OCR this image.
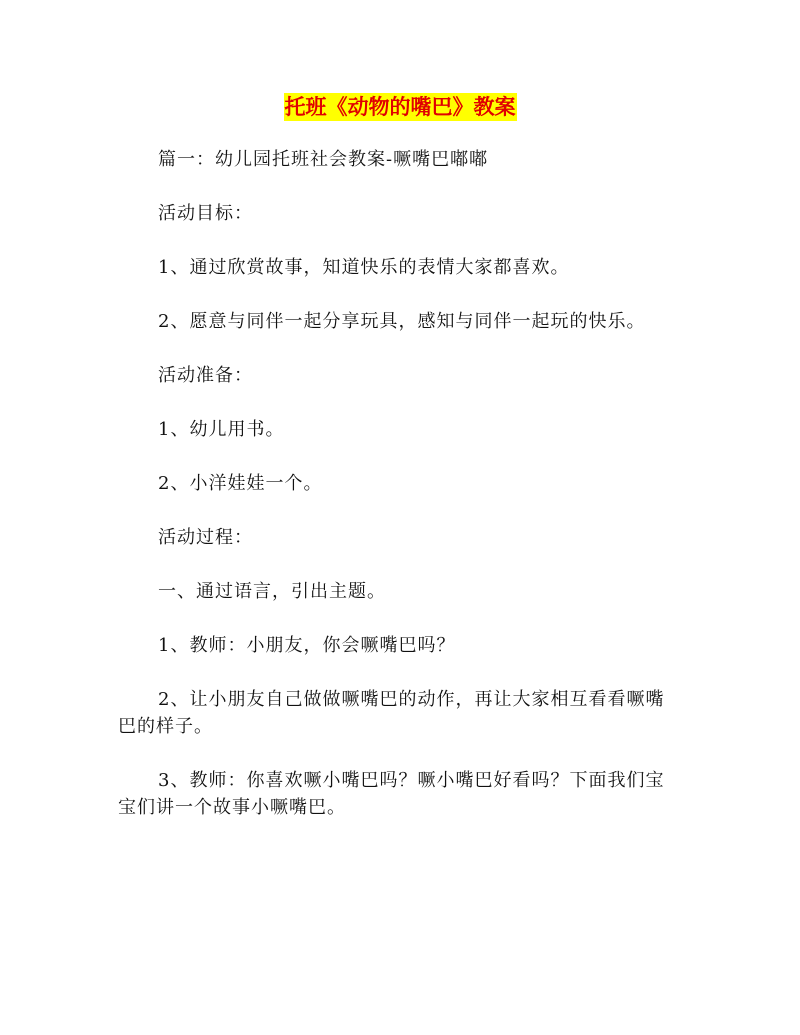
托班《动物的嘴巴》教案

篇一：幼儿园托班社会教案-噘嘴巴嘟嘟

活动目标：

1、通过欣赏故事，知道快乐的表情大家都喜欢。

2、愿意与同伴一起分享玩具，感知与同伴一起玩的快乐。

活动准备：

1、幼儿用书。

2、小洋娃娃一个。

活动过程：

一、通过语言，引出主题。

1、教师：小朋友，你会噘嘴巴吗？

2、让小朋友自己做做噘嘴巴的动作，再让大家相互看看噘嘴巴的样子。

3、教师：你喜欢噘小嘴巴吗？噘小嘴巴好看吗？下面我们宝宝们讲一个故事小噘嘴巴。
